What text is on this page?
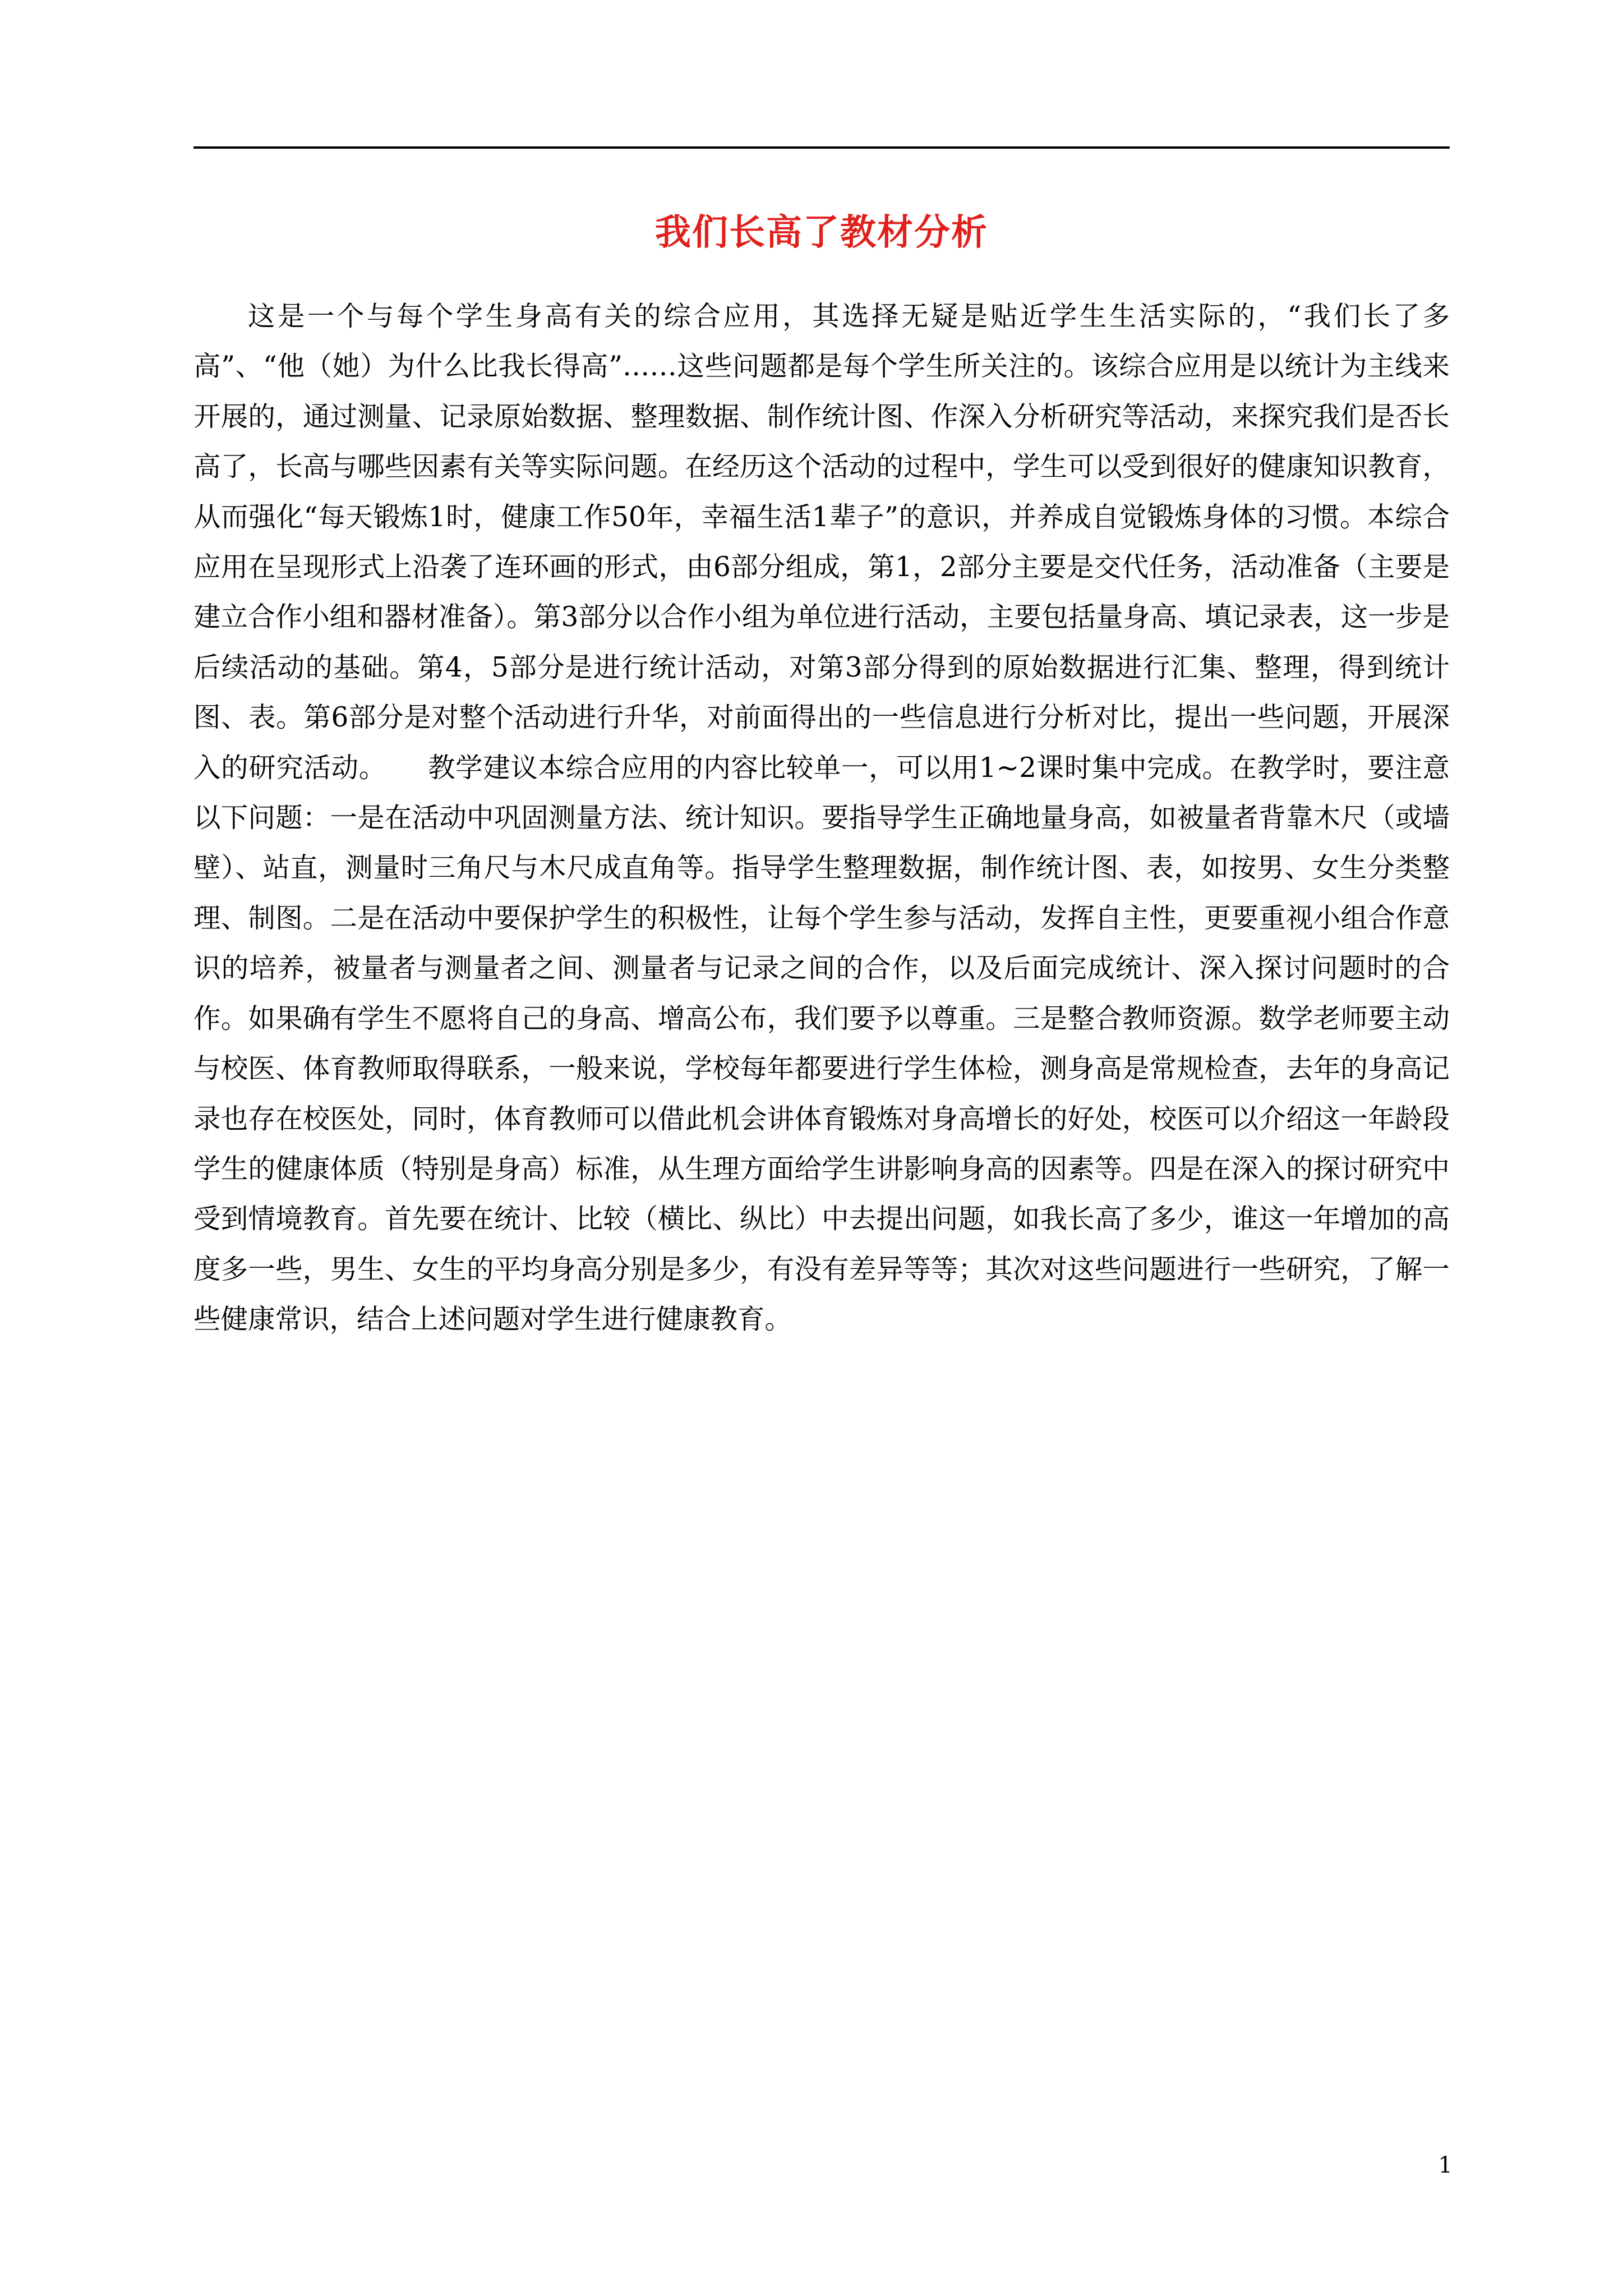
我们长高了教材分析

这是一个与每个学生身高有关的综合应用，其选择无疑是贴近学生生活实际的，“我们长了多高”、“他（她）为什么比我长得高”……这些问题都是每个学生所关注的。该综合应用是以统计为主线来开展的，通过测量、记录原始数据、整理数据、制作统计图、作深入分析研究等活动，来探究我们是否长高了，长高与哪些因素有关等实际问题。在经历这个活动的过程中，学生可以受到很好的健康知识教育，从而强化“每天锻炼1时，健康工作50年，幸福生活1辈子”的意识，并养成自觉锻炼身体的习惯。本综合应用在呈现形式上沿袭了连环画的形式，由6部分组成，第1，2部分主要是交代任务，活动准备（主要是建立合作小组和器材准备）。第3部分以合作小组为单位进行活动，主要包括量身高、填记录表，这一步是后续活动的基础。第4，5部分是进行统计活动，对第3部分得到的原始数据进行汇集、整理，得到统计图、表。第6部分是对整个活动进行升华，对前面得出的一些信息进行分析对比，提出一些问题，开展深入的研究活动。　　教学建议本综合应用的内容比较单一，可以用1~2课时集中完成。在教学时，要注意以下问题：一是在活动中巩固测量方法、统计知识。要指导学生正确地量身高，如被量者背靠木尺（或墙壁）、站直，测量时三角尺与木尺成直角等。指导学生整理数据，制作统计图、表，如按男、女生分类整理、制图。二是在活动中要保护学生的积极性，让每个学生参与活动，发挥自主性，更要重视小组合作意识的培养，被量者与测量者之间、测量者与记录之间的合作，以及后面完成统计、深入探讨问题时的合作。如果确有学生不愿将自己的身高、增高公布，我们要予以尊重。三是整合教师资源。数学老师要主动与校医、体育教师取得联系，一般来说，学校每年都要进行学生体检，测身高是常规检查，去年的身高记录也存在校医处，同时，体育教师可以借此机会讲体育锻炼对身高增长的好处，校医可以介绍这一年龄段学生的健康体质（特别是身高）标准，从生理方面给学生讲影响身高的因素等。四是在深入的探讨研究中受到情境教育。首先要在统计、比较（横比、纵比）中去提出问题，如我长高了多少，谁这一年增加的高度多一些，男生、女生的平均身高分别是多少，有没有差异等等；其次对这些问题进行一些研究，了解一些健康常识，结合上述问题对学生进行健康教育。

1
